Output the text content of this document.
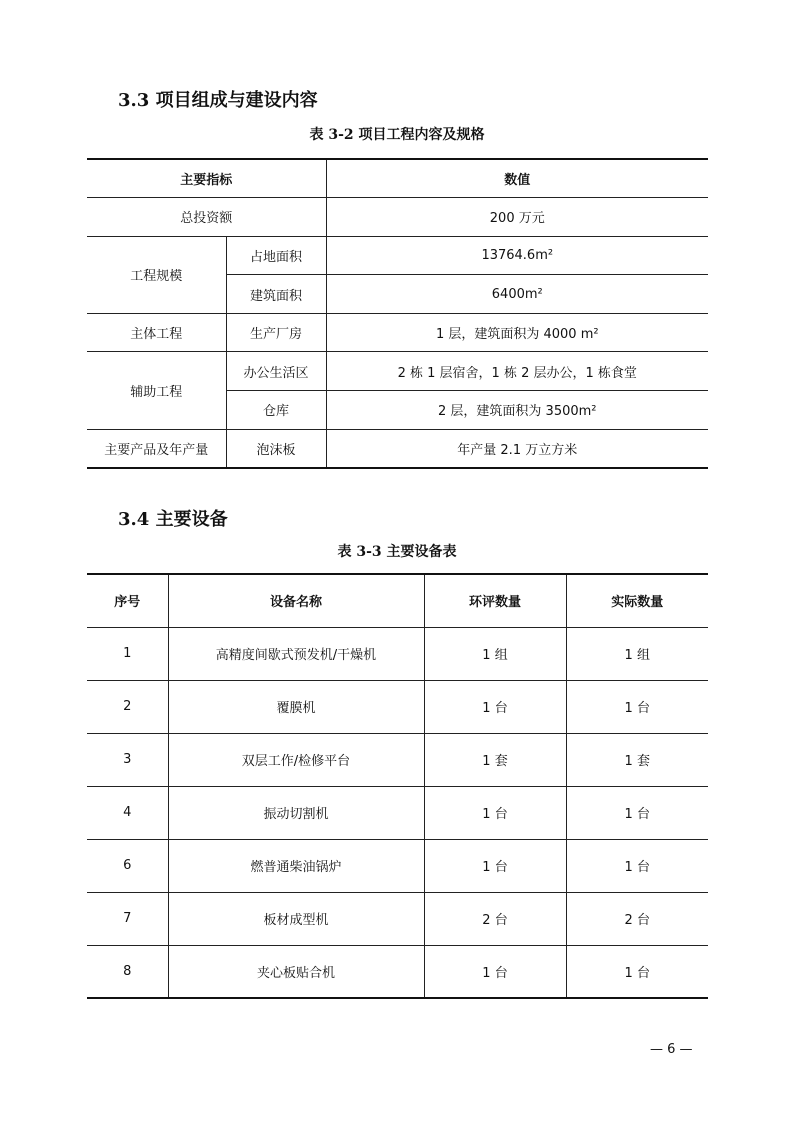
3.3 项目组成与建设内容
表 3-2 项目工程内容及规格
主要指标		数值
总投资额		200 万元
工程规模	占地面积	13764.6m²
	建筑面积	6400m²
主体工程	生产厂房	1 层，建筑面积为 4000 m²
辅助工程	办公生活区	2 栋 1 层宿舍，1 栋 2 层办公，1 栋食堂
	仓库	2 层，建筑面积为 3500m²
主要产品及年产量	泡沫板	年产量 2.1 万立方米
3.4 主要设备
表 3-3 主要设备表
序号	设备名称	环评数量	实际数量
1	高精度间歇式预发机/干燥机	1 组	1 组
2	覆膜机	1 台	1 台
3	双层工作/检修平台	1 套	1 套
4	振动切割机	1 台	1 台
6	燃普通柴油锅炉	1 台	1 台
7	板材成型机	2 台	2 台
8	夹心板贴合机	1 台	1 台
— 6 —
